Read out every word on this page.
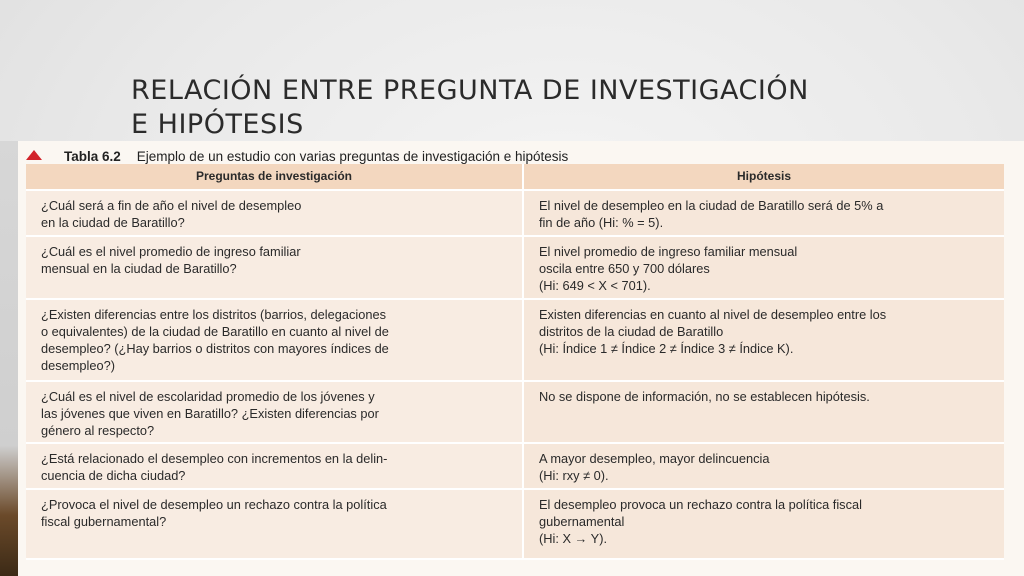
RELACIÓN ENTRE PREGUNTA DE INVESTIGACIÓN
E HIPÓTESIS
Tabla 6.2 Ejemplo de un estudio con varias preguntas de investigación e hipótesis
Preguntas de investigación	Hipótesis

¿Cuál será a fin de año el nivel de desempleo
en la ciudad de Baratillo?	El nivel de desempleo en la ciudad de Baratillo será de 5% a
fin de año (Hi: % = 5).

¿Cuál es el nivel promedio de ingreso familiar
mensual en la ciudad de Baratillo?	El nivel promedio de ingreso familiar mensual
oscila entre 650 y 700 dólares
(Hi: 649 < X < 701).

¿Existen diferencias entre los distritos (barrios, delegaciones
o equivalentes) de la ciudad de Baratillo en cuanto al nivel de
desempleo? (¿Hay barrios o distritos con mayores índices de
desempleo?)	Existen diferencias en cuanto al nivel de desempleo entre los
distritos de la ciudad de Baratillo
(Hi: Índice 1 ≠ Índice 2 ≠ Índice 3 ≠ Índice K).

¿Cuál es el nivel de escolaridad promedio de los jóvenes y
las jóvenes que viven en Baratillo? ¿Existen diferencias por
género al respecto?	No se dispone de información, no se establecen hipótesis.

¿Está relacionado el desempleo con incrementos en la delin-
cuencia de dicha ciudad?	A mayor desempleo, mayor delincuencia
(Hi: rxy ≠ 0).

¿Provoca el nivel de desempleo un rechazo contra la política
fiscal gubernamental?	El desempleo provoca un rechazo contra la política fiscal
gubernamental
(Hi: X → Y).
